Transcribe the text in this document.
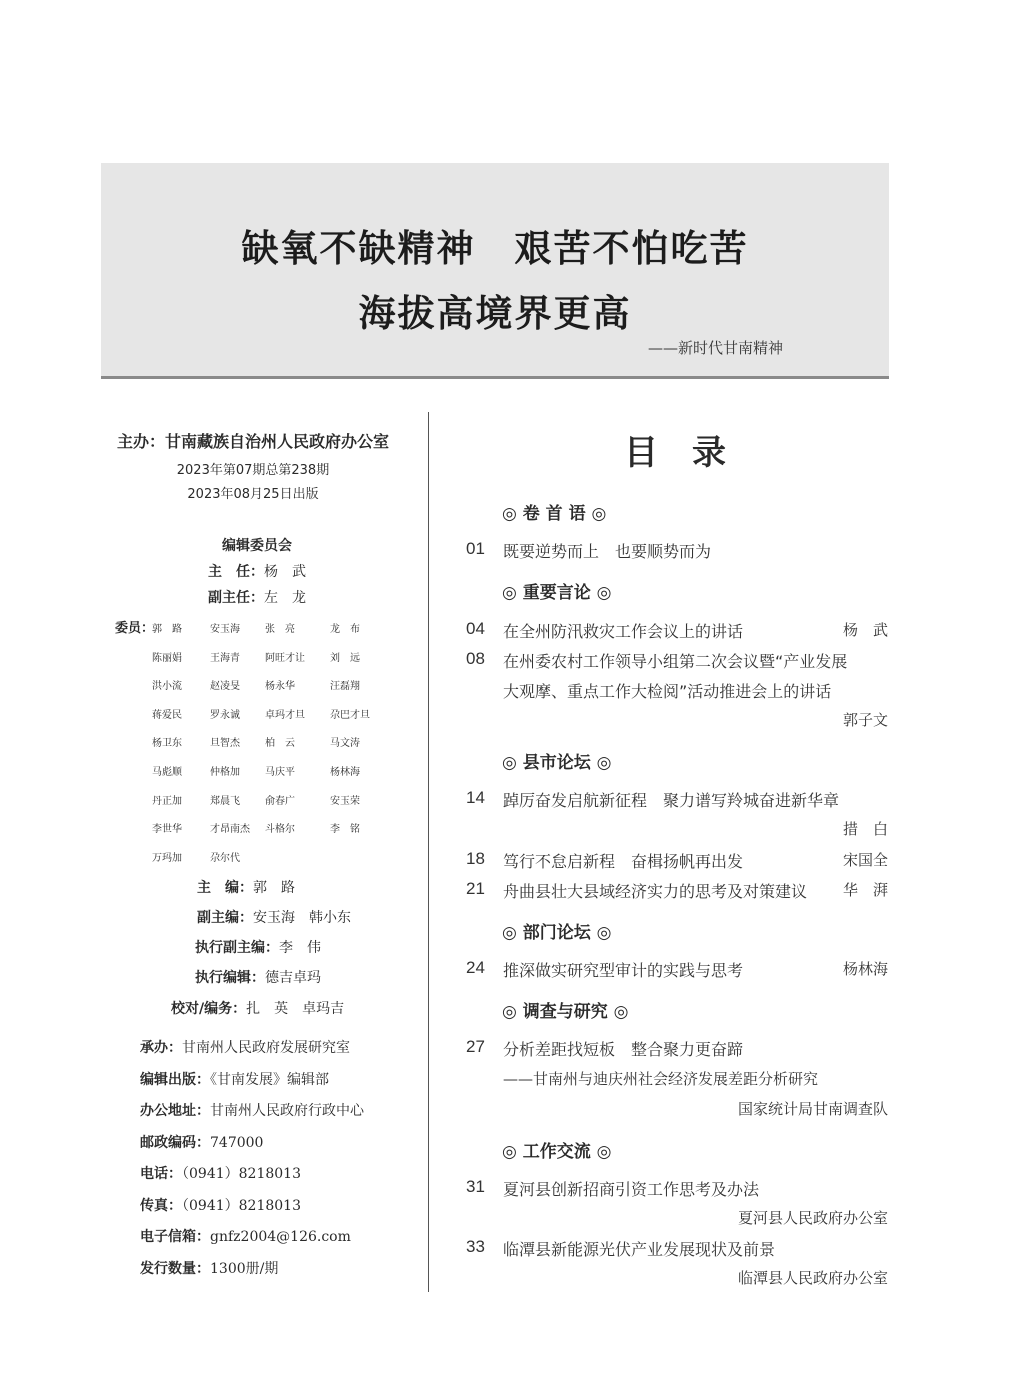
缺氧不缺精神　艰苦不怕吃苦
海拔高境界更高
——新时代甘南精神
主办：甘南藏族自治州人民政府办公室
2023年第07期总第238期
2023年08月25日出版
编辑委员会
主　任：杨　武
副主任：左　龙
委员：
郭　路	安玉海	张　亮	龙　布
陈丽娟	王海青	阿旺才让	刘　远
洪小流	赵凌旻	杨永华	汪磊翔
蒋爱民	罗永诚	卓玛才旦	尕巴才旦
杨卫东	旦智杰	柏　云	马文涛
马彪顺	仲格加	马庆平	杨林海
丹正加	郑晨飞	俞春广	安玉荣
李世华	才昂南杰	斗格尔	李　铭
万玛加	尕尔代
主　编：郭　路
副主编：安玉海　韩小东
执行副主编：李　伟
执行编辑：德吉卓玛
校对/编务：扎　英　卓玛吉
承办：甘南州人民政府发展研究室
编辑出版：《甘南发展》编辑部
办公地址：甘南州人民政府行政中心
邮政编码：747000
电话：（0941）8218013
传真：（0941）8218013
电子信箱：gnfz2004@126.com
发行数量：1300册/期
目录
◎ 卷 首 语 ◎
01 既要逆势而上　也要顺势而为
◎ 重要言论 ◎
04 在全州防汛救灾工作会议上的讲话	杨　武
08 在州委农村工作领导小组第二次会议暨“产业发展
大观摩、重点工作大检阅”活动推进会上的讲话
郭子文
◎ 县市论坛 ◎
14 踔厉奋发启航新征程　聚力谱写羚城奋进新华章
措　白
18 笃行不怠启新程　奋楫扬帆再出发	宋国全
21 舟曲县壮大县域经济实力的思考及对策建议 华　湃
◎ 部门论坛 ◎
24 推深做实研究型审计的实践与思考	杨林海
◎ 调查与研究 ◎
27 分析差距找短板　整合聚力更奋蹄
——甘南州与迪庆州社会经济发展差距分析研究
国家统计局甘南调查队
◎ 工作交流 ◎
31 夏河县创新招商引资工作思考及办法
夏河县人民政府办公室
33 临潭县新能源光伏产业发展现状及前景
临潭县人民政府办公室
